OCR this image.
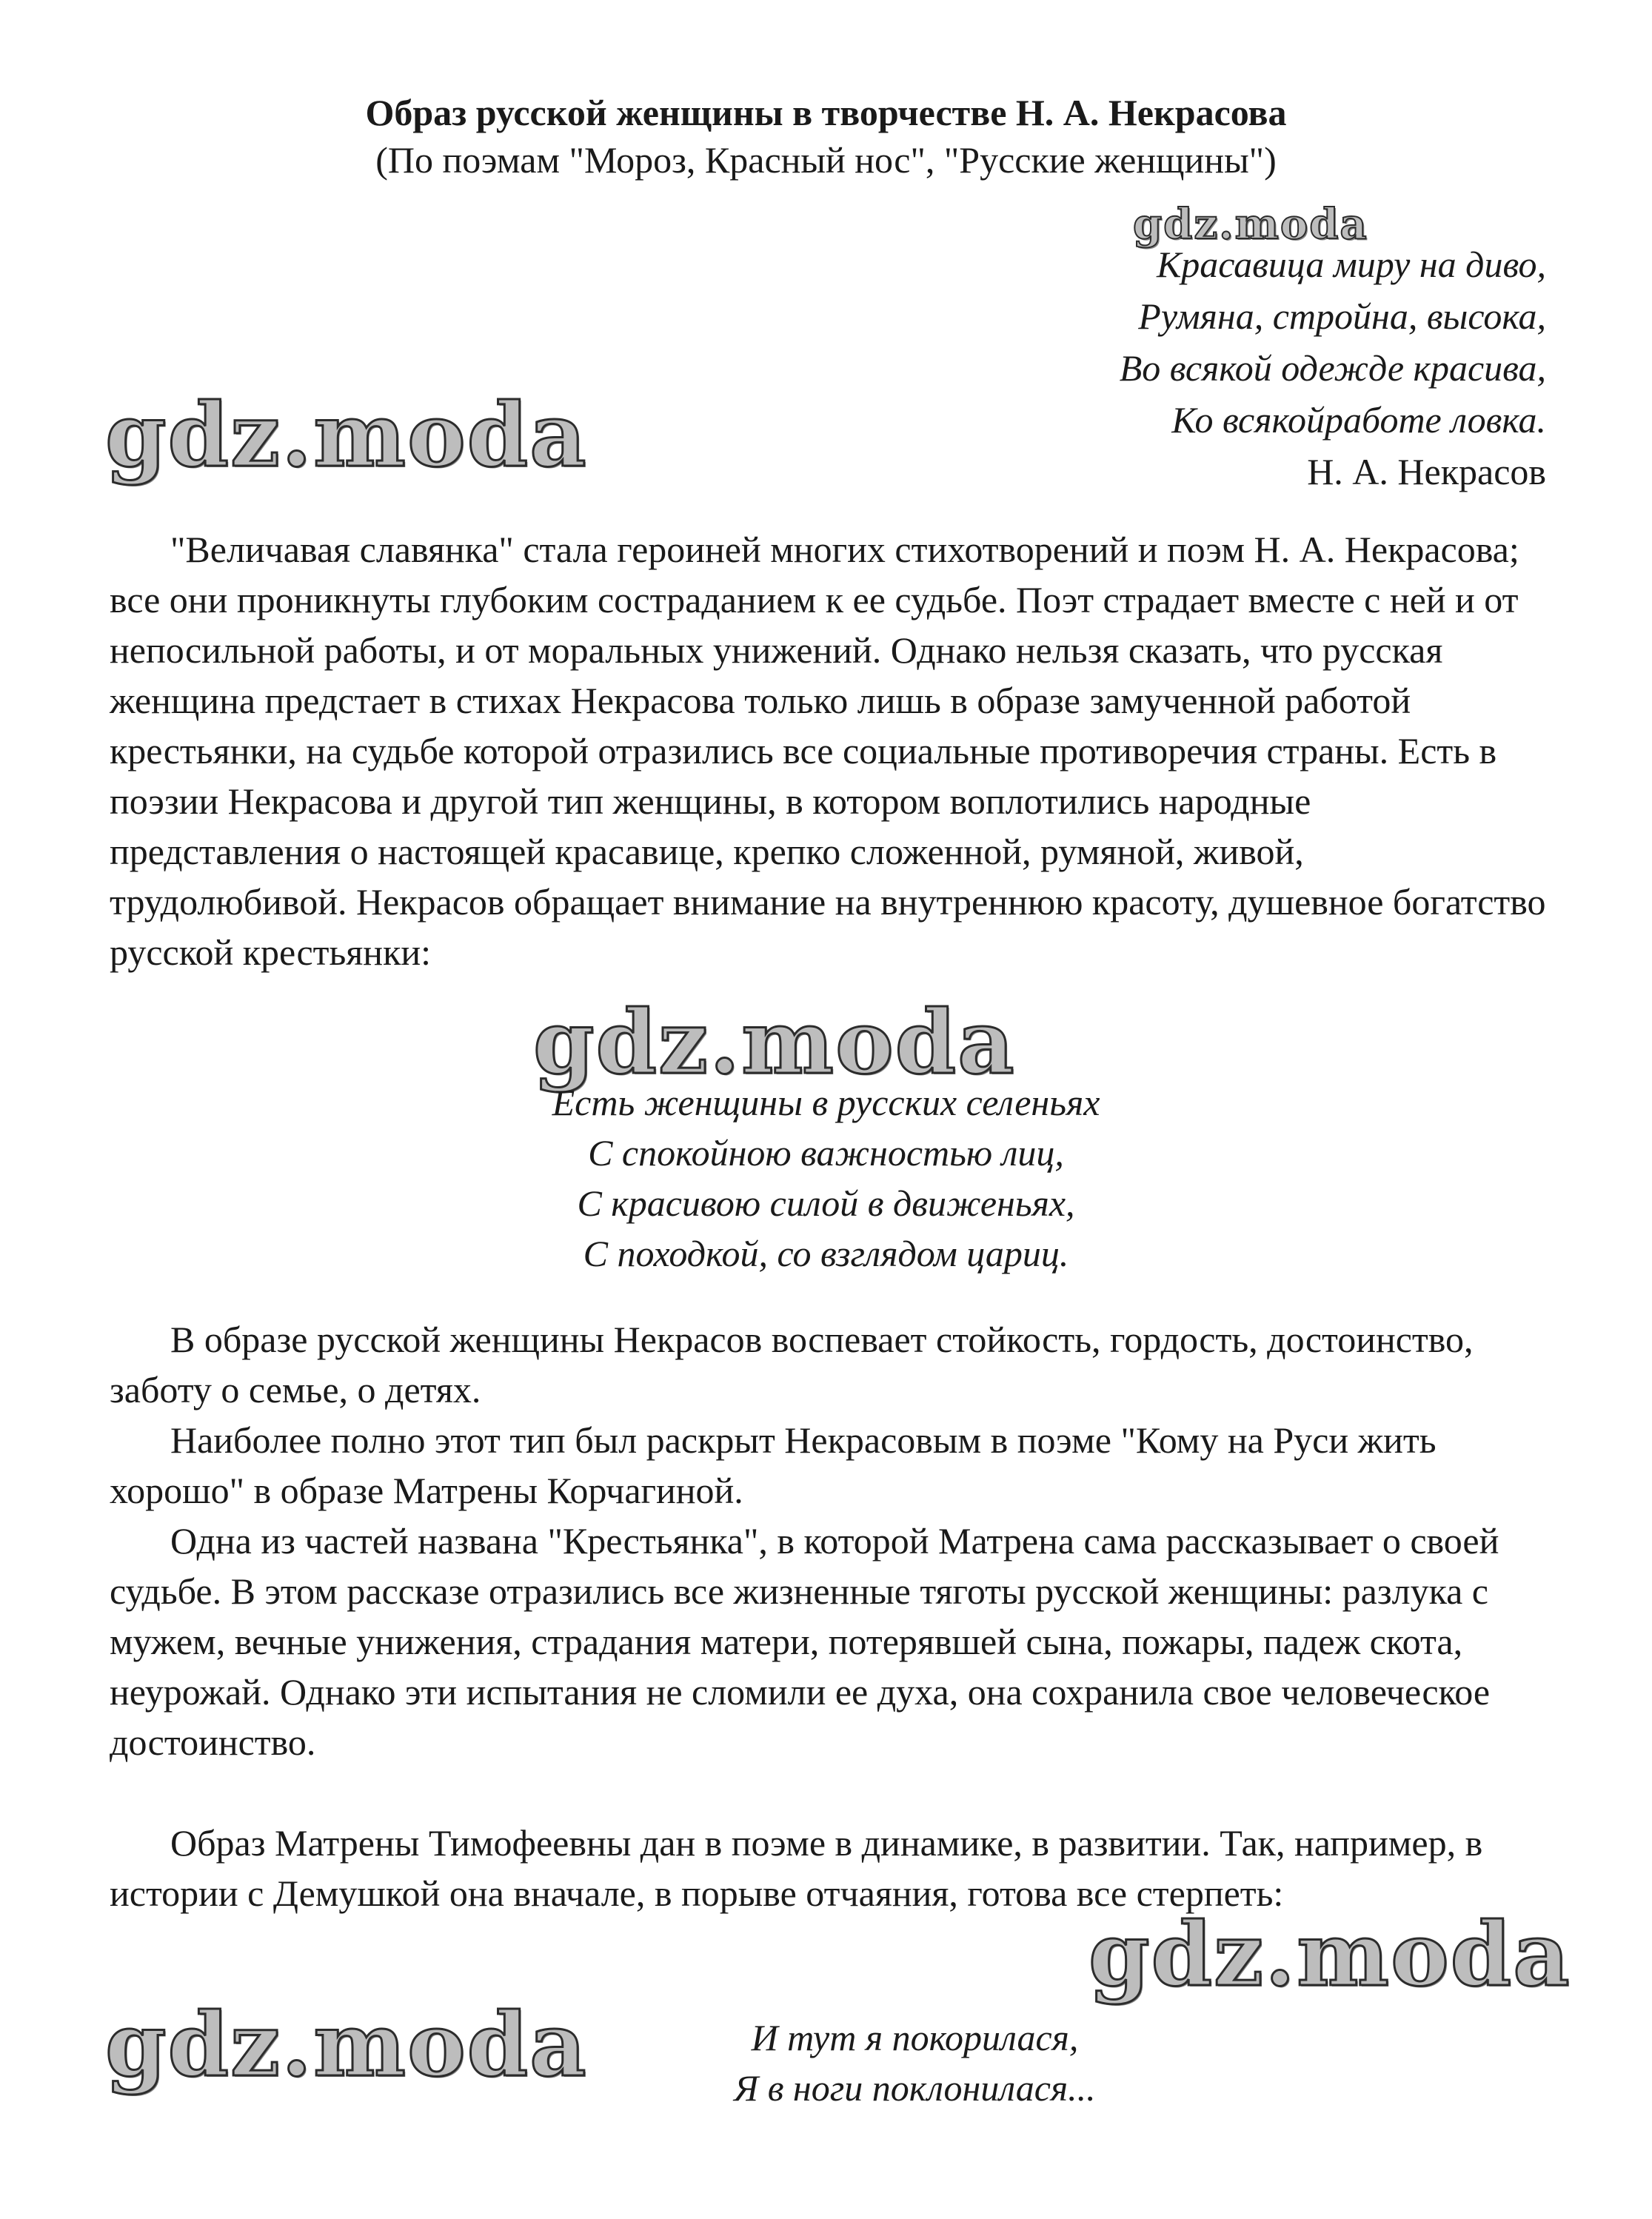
Образ русской женщины в творчестве Н. А. Некрасова

(По поэмам "Мороз, Красный нос", "Русские женщины")

gdz.moda
Красавица миру на диво,
Румяна, стройна, высока,
Во всякой одежде красива,
Ко всякойработе ловка.
Н. А. Некрасов
gdz.moda

"Величавая славянка" стала героиней многих стихотворений и поэм Н. А. Некрасова; все они проникнуты глубоким состраданием к ее судьбе. Поэт страдает вместе с ней и от непосильной работы, и от моральных унижений. Однако нельзя сказать, что русская женщина предстает в стихах Некрасова только лишь в образе замученной работой крестьянки, на судьбе которой отразились все социальные противоречия страны. Есть в поэзии Некрасова и другой тип женщины, в котором воплотились народные представления о настоящей красавице, крепко сложенной, румяной, живой, трудолюбивой. Некрасов обращает внимание на внутреннюю красоту, душевное богатство русской крестьянки:

gdz.moda
Есть женщины в русских селеньях
С спокойною важностью лиц,
С красивою силой в движеньях,
С походкой, со взглядом цариц.

В образе русской женщины Некрасов воспевает стойкость, гордость, достоинство, заботу о семье, о детях.

Наиболее полно этот тип был раскрыт Некрасовым в поэме "Кому на Руси жить хорошо" в образе Матрены Корчагиной.

Одна из частей названа "Крестьянка", в которой Матрена сама рассказывает о своей судьбе. В этом рассказе отразились все жизненные тяготы русской женщины: разлука с мужем, вечные унижения, страдания матери, потерявшей сына, пожары, падеж скота, неурожай. Однако эти испытания не сломили ее духа, она сохранила свое человеческое достоинство.

Образ Матрены Тимофеевны дан в поэме в динамике, в развитии. Так, например, в истории с Демушкой она вначале, в порыве отчаяния, готова все стерпеть:

gdz.moda
gdz.moda	И тут я покорилася,
Я в ноги поклонилася...
